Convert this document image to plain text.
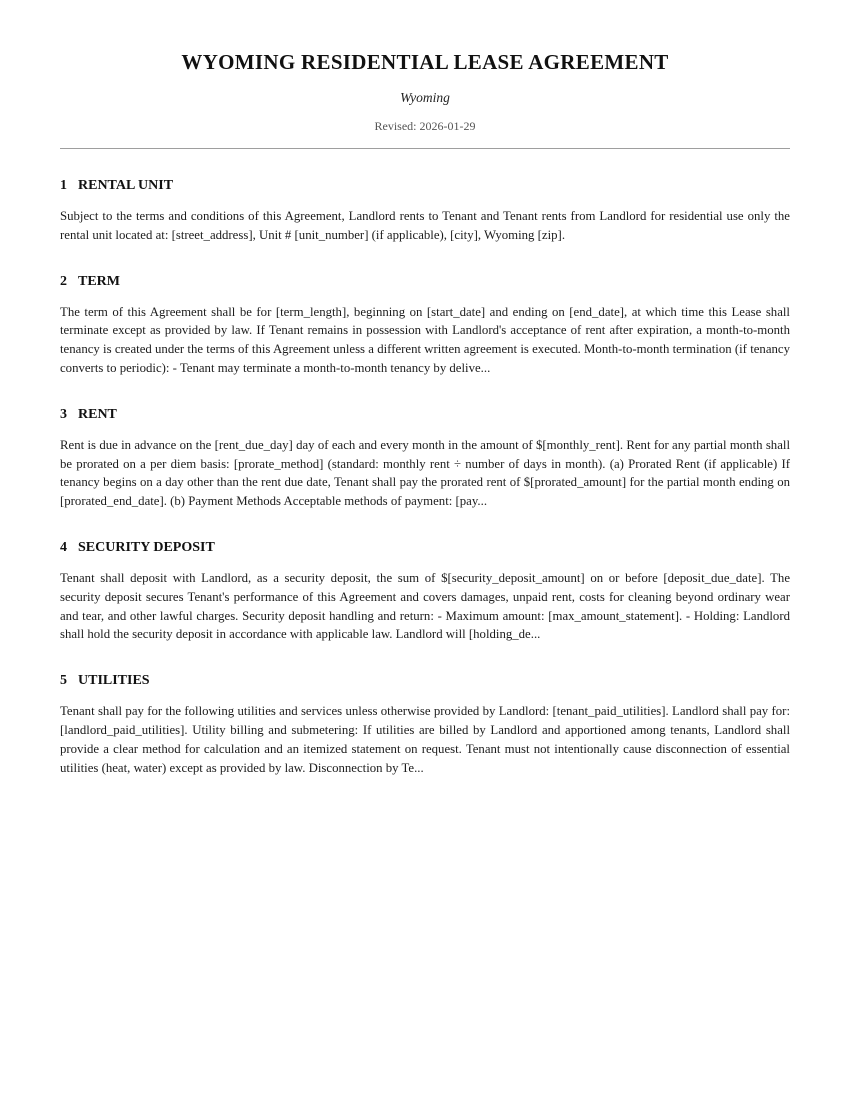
WYOMING RESIDENTIAL LEASE AGREEMENT
Wyoming
Revised: 2026-01-29
1 RENTAL UNIT

Subject to the terms and conditions of this Agreement, Landlord rents to Tenant and Tenant rents from Landlord for residential use only the rental unit located at: [street_address], Unit # [unit_number] (if applicable), [city], Wyoming [zip].

2 TERM

The term of this Agreement shall be for [term_length], beginning on [start_date] and ending on [end_date], at which time this Lease shall terminate except as provided by law. If Tenant remains in possession with Landlord's acceptance of rent after expiration, a month-to-month tenancy is created under the terms of this Agreement unless a different written agreement is executed. Month-to-month termination (if tenancy converts to periodic): - Tenant may terminate a month-to-month tenancy by delive...

3 RENT

Rent is due in advance on the [rent_due_day] day of each and every month in the amount of $[monthly_rent]. Rent for any partial month shall be prorated on a per diem basis: [prorate_method] (standard: monthly rent ÷ number of days in month). (a) Prorated Rent (if applicable) If tenancy begins on a day other than the rent due date, Tenant shall pay the prorated rent of $[prorated_amount] for the partial month ending on [prorated_end_date]. (b) Payment Methods Acceptable methods of payment: [pay...

4 SECURITY DEPOSIT

Tenant shall deposit with Landlord, as a security deposit, the sum of $[security_deposit_amount] on or before [deposit_due_date]. The security deposit secures Tenant's performance of this Agreement and covers damages, unpaid rent, costs for cleaning beyond ordinary wear and tear, and other lawful charges. Security deposit handling and return: - Maximum amount: [max_amount_statement]. - Holding: Landlord shall hold the security deposit in accordance with applicable law. Landlord will [holding_de...

5 UTILITIES

Tenant shall pay for the following utilities and services unless otherwise provided by Landlord: [tenant_paid_utilities]. Landlord shall pay for: [landlord_paid_utilities]. Utility billing and submetering: If utilities are billed by Landlord and apportioned among tenants, Landlord shall provide a clear method for calculation and an itemized statement on request. Tenant must not intentionally cause disconnection of essential utilities (heat, water) except as provided by law. Disconnection by Te...
